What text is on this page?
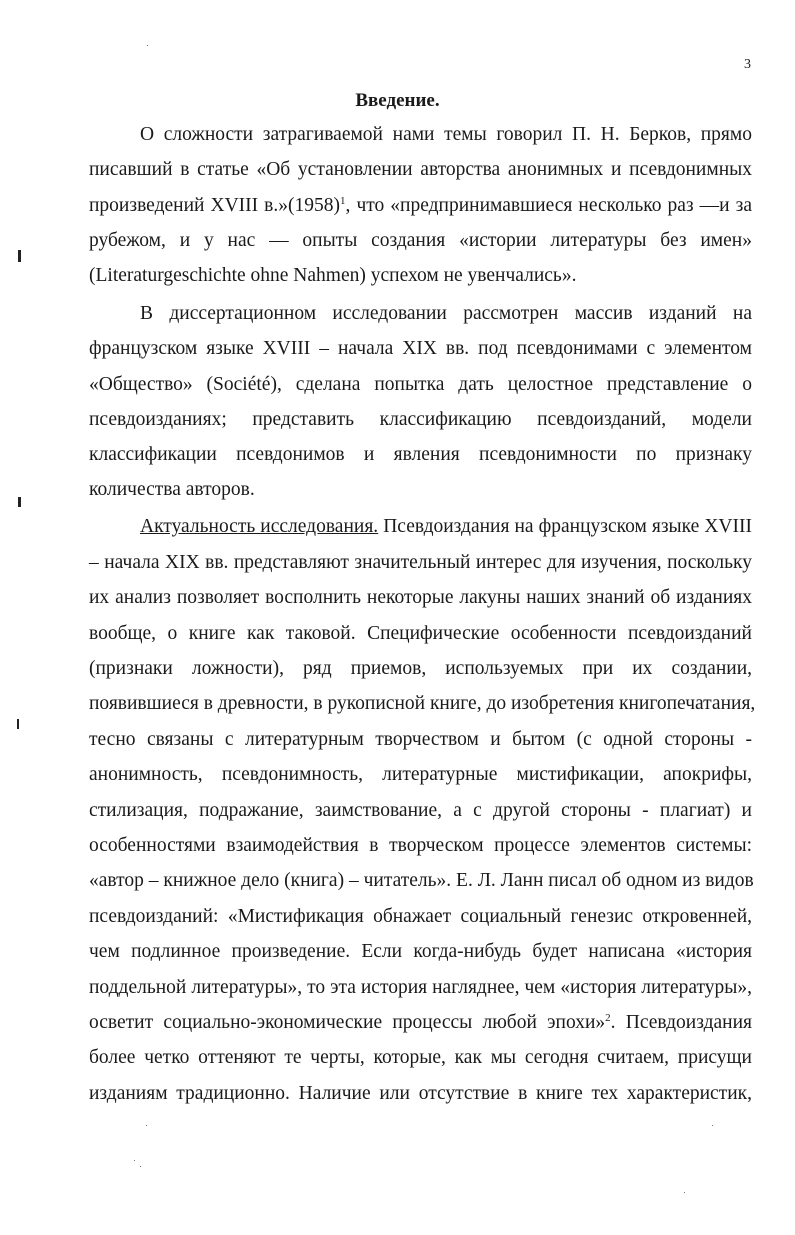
3
Введение.
О сложности затрагиваемой нами темы говорил П. Н. Берков, прямо
писавший в статье «Об установлении авторства анонимных и псевдонимных
произведений XVIII $в.»(1958)^1$, что «предпринимавшиеся несколько раз —и за
рубежом, и у нас — опыты создания «истории литературы без имен»
(Literaturgeschichte ohne Nahmen) успехом не увенчались».
В диссертационном исследовании рассмотрен массив изданий на
французском языке XVIII – начала XIX вв. под псевдонимами с элементом
«Общество» (Société), сделана попытка дать целостное представление о
псевдоизданиях; представить классификацию псевдоизданий, модели
классификации псевдонимов и явления псевдонимности по признаку
количества авторов.
Актуальность исследования. Псевдоиздания на французском языке XVIII
– начала XIX вв. представляют значительный интерес для изучения, поскольку
их анализ позволяет восполнить некоторые лакуны наших знаний об изданиях
вообще, о книге как таковой. Специфические особенности псевдоизданий
(признаки ложности), ряд приемов, используемых при их создании,
появившиеся в древности, в рукописной книге, до изобретения книгопечатания,
тесно связаны с литературным творчеством и бытом (с одной стороны -
анонимность, псевдонимность, литературные мистификации, апокрифы,
стилизация, подражание, заимствование, а с другой стороны - плагиат) и
особенностями взаимодействия в творческом процессе элементов системы:
«автор – книжное дело (книга) – читатель». Е. Л. Ланн писал об одном из видов
псевдоизданий: «Мистификация обнажает социальный генезис откровенней,
чем подлинное произведение. Если когда-нибудь будет написана «история
поддельной литературы», то эта история нагляднее, чем «история литературы»,
осветит социально-экономические процессы любой эпохи»$^2$. Псевдоиздания
более четко оттеняют те черты, которые, как мы сегодня считаем, присущи
изданиям традиционно. Наличие или отсутствие в книге тех характеристик,
